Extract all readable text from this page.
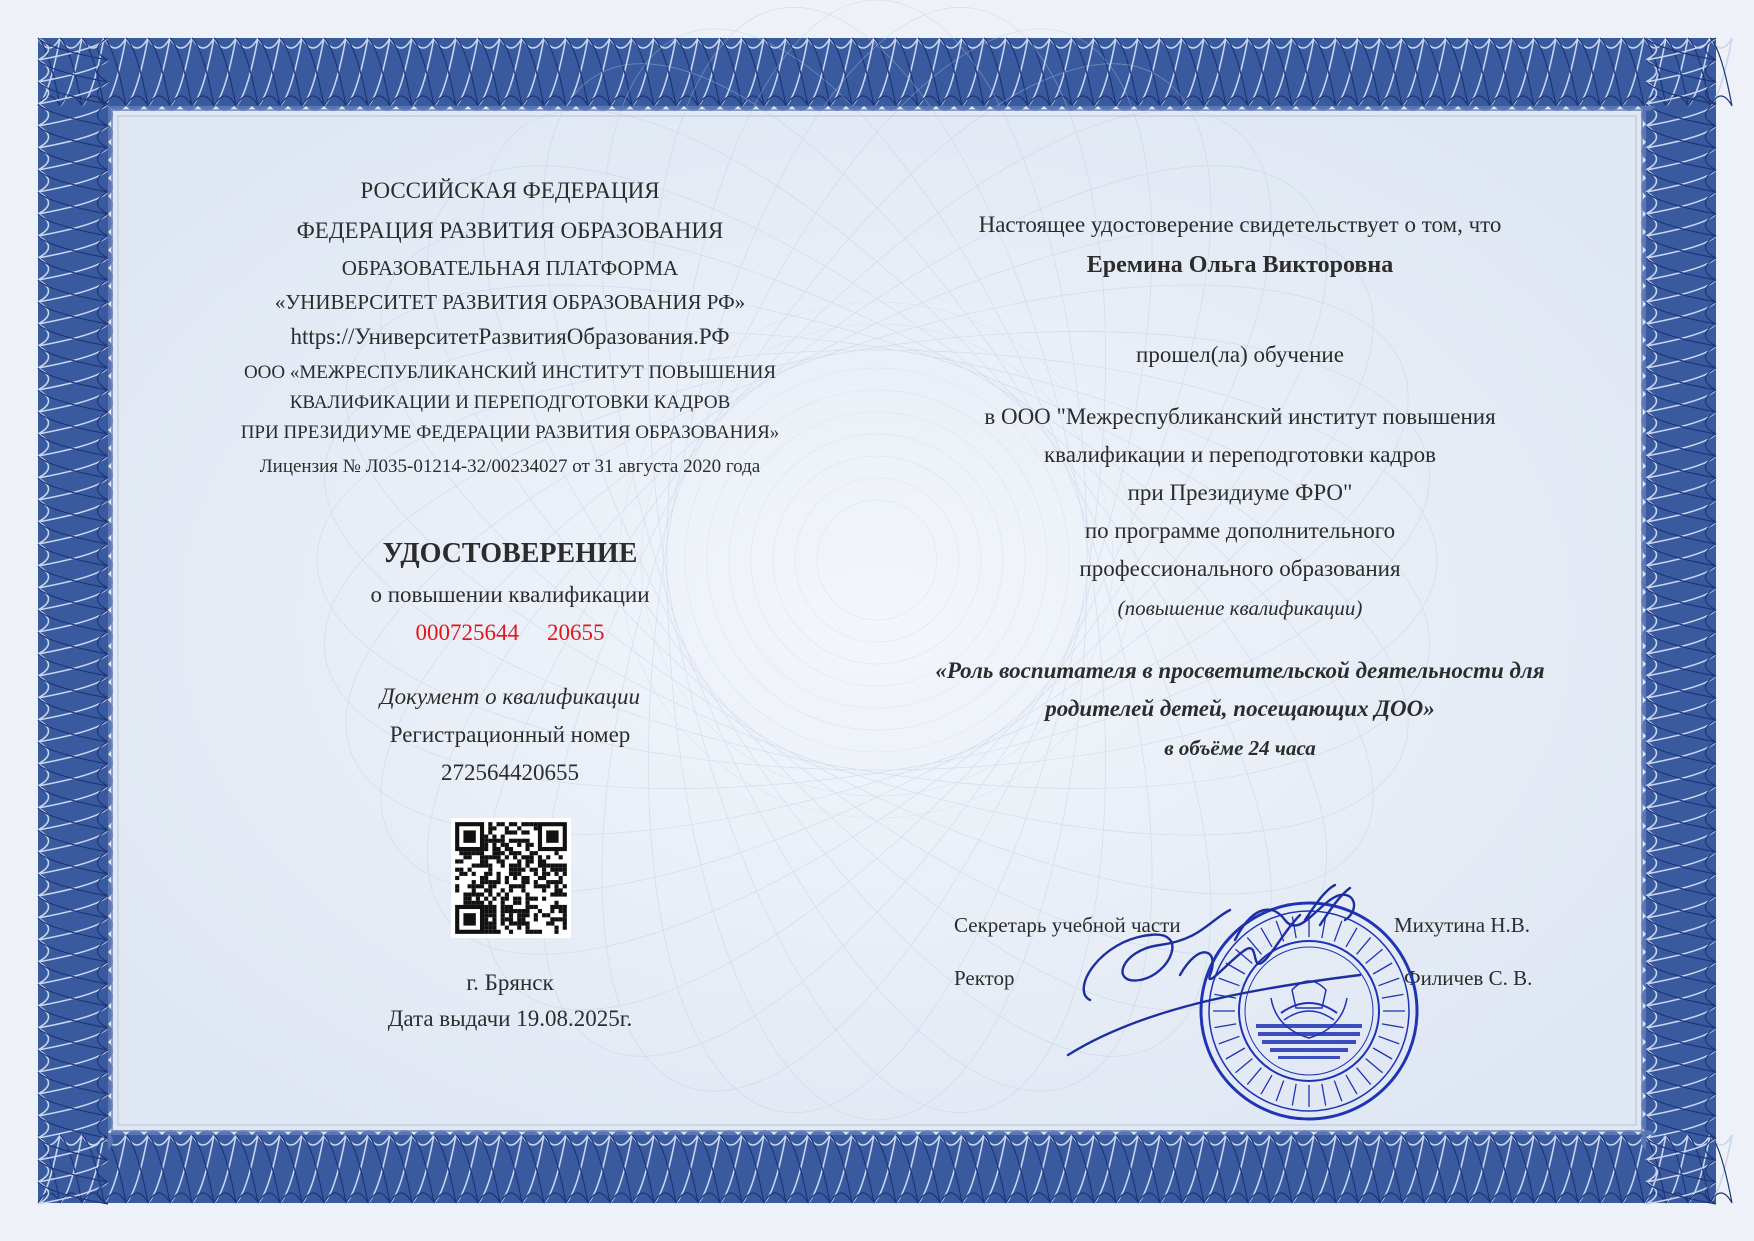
РОССИЙСКАЯ ФЕДЕРАЦИЯ
ФЕДЕРАЦИЯ РАЗВИТИЯ ОБРАЗОВАНИЯ
ОБРАЗОВАТЕЛЬНАЯ ПЛАТФОРМА
«УНИВЕРСИТЕТ РАЗВИТИЯ ОБРАЗОВАНИЯ РФ»
https://УниверситетРазвитияОбразования.РФ
ООО «МЕЖРЕСПУБЛИКАНСКИЙ ИНСТИТУТ ПОВЫШЕНИЯ
КВАЛИФИКАЦИИ И ПЕРЕПОДГОТОВКИ КАДРОВ
ПРИ ПРЕЗИДИУМЕ ФЕДЕРАЦИИ РАЗВИТИЯ ОБРАЗОВАНИЯ»
Лицензия № Л035-01214-32/00234027 от 31 августа 2020 года
УДОСТОВЕРЕНИЕ
о повышении квалификации
000725644 20655
Документ о квалификации
Регистрационный номер
272564420655
г. Брянск
Дата выдачи 19.08.2025г.
Настоящее удостоверение свидетельствует о том, что
Еремина Ольга Викторовна
прошел(ла) обучение
в ООО "Межреспубликанский институт повышения
квалификации и переподготовки кадров
при Президиуме ФРО"
по программе дополнительного
профессионального образования
(повышение квалификации)
«Роль воспитателя в просветительской деятельности для
родителей детей, посещающих ДОО»
в объёме 24 часа
Секретарь учебной части	Михутина Н.В.
Ректор	Филичев С. В.
